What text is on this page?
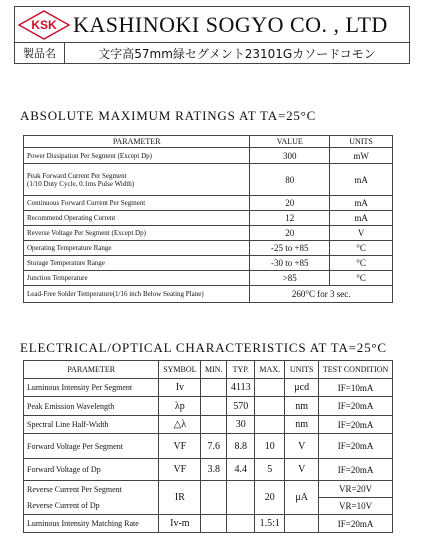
KSK KASHINOKI SOGYO CO. , LTD
製品名	文字高57mm緑セグメント23101Gカソードコモン
ABSOLUTE MAXIMUM RATINGS AT TA=25°C
PARAMETER	VALUE	UNITS

Power Dissipation Per Segment (Except Dp)	300	mW

Peak Forward Current Per Segment
(1/10 Duty Cycle, 0.1ms Pulse Width)	80	mA

Continuous Forward Current Per Segment	20	mA

Recommend Operating Current	12	mA

Reverse Voltage Per Segment (Except Dp)	20	V

Operating Temperature Range	-25 to +85	°C

Storage Temperature Range	-30 to +85	°C

Junction Temperature	>85	°C

Lead-Free Solder Temperature(1/16 inch Below Seating Plane)	260°C for 3 sec.	
ELECTRICAL/OPTICAL CHARACTERISTICS AT TA=25°C
PARAMETER	SYMBOL	MIN.	TYP.	MAX.	UNITS	TEST CONDITION
Luminous Intensity Per Segment	Iv		4113		μcd	IF=10mA
Peak Emission Wavelength	λp		570		nm	IF=20mA
Spectral Line Half-Width	△λ		30		nm	IF=20mA
Forward Voltage Per Segment	VF	7.6	8.8	10	V	IF=20mA
Forward Voltage of Dp	VF	3.8	4.4	5	V	IF=20mA
Reverse Current Per Segment	IR			20	μA	VR=20V
Reverse Current of Dp						VR=10V
Luminous Intensity Matching Rate	Iv-m			1.5:1		IF=20mA
